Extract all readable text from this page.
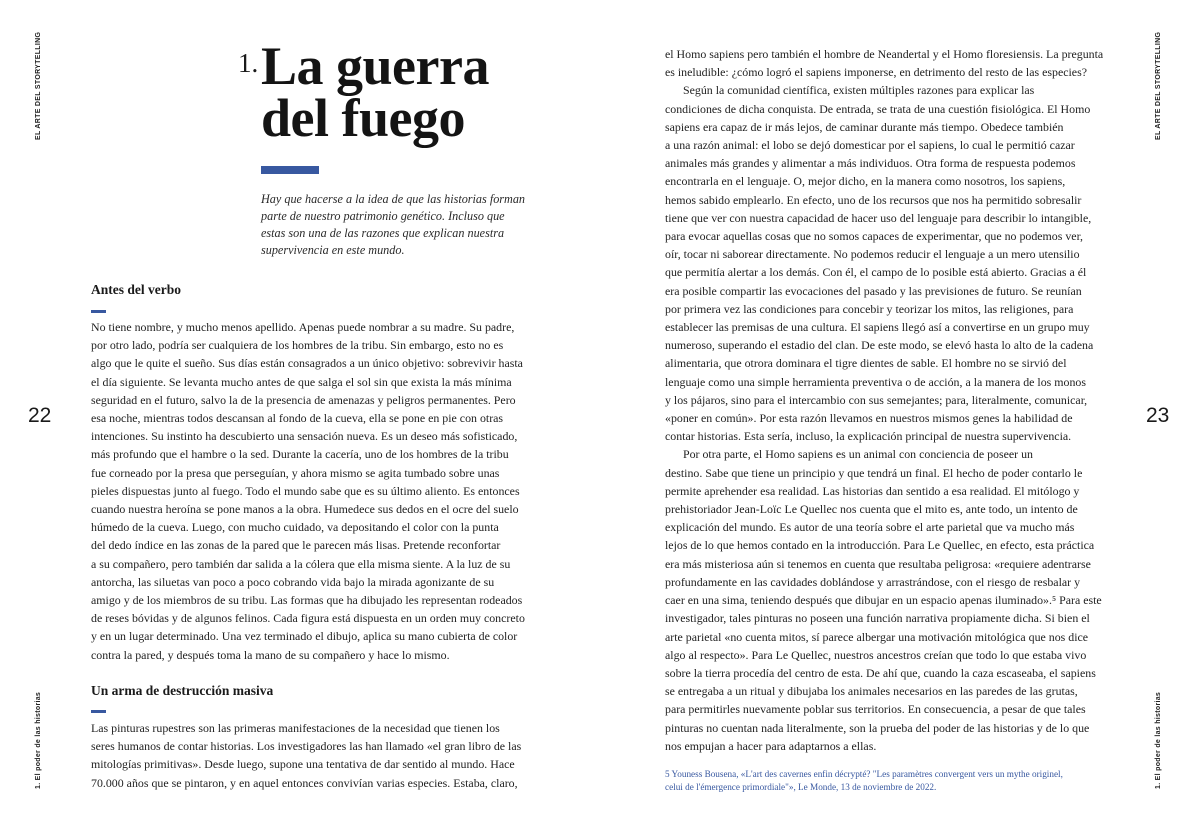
EL ARTE DEL STORYTELLING
1. El poder de las historias
EL ARTE DEL STORYTELLING
1. El poder de las historias
22	23
1. La guerra
del fuego

Hay que hacerse a la idea de que las historias forman
parte de nuestro patrimonio genético. Incluso que
estas son una de las razones que explican nuestra
supervivencia en este mundo.

Antes del verbo
No tiene nombre, y mucho menos apellido. Apenas puede nombrar a su madre. Su padre,
por otro lado, podría ser cualquiera de los hombres de la tribu. Sin embargo, esto no es
algo que le quite el sueño. Sus días están consagrados a un único objetivo: sobrevivir hasta
el día siguiente. Se levanta mucho antes de que salga el sol sin que exista la más mínima
seguridad en el futuro, salvo la de la presencia de amenazas y peligros permanentes. Pero
esa noche, mientras todos descansan al fondo de la cueva, ella se pone en pie con otras
intenciones. Su instinto ha descubierto una sensación nueva. Es un deseo más sofisticado,
más profundo que el hambre o la sed. Durante la cacería, uno de los hombres de la tribu
fue corneado por la presa que perseguían, y ahora mismo se agita tumbado sobre unas
pieles dispuestas junto al fuego. Todo el mundo sabe que es su último aliento. Es entonces
cuando nuestra heroína se pone manos a la obra. Humedece sus dedos en el ocre del suelo
húmedo de la cueva. Luego, con mucho cuidado, va depositando el color con la punta
del dedo índice en las zonas de la pared que le parecen más lisas. Pretende reconfortar
a su compañero, pero también dar salida a la cólera que ella misma siente. A la luz de su
antorcha, las siluetas van poco a poco cobrando vida bajo la mirada agonizante de su
amigo y de los miembros de su tribu. Las formas que ha dibujado les representan rodeados
de reses bóvidas y de algunos felinos. Cada figura está dispuesta en un orden muy concreto
y en un lugar determinado. Una vez terminado el dibujo, aplica su mano cubierta de color
contra la pared, y después toma la mano de su compañero y hace lo mismo.
Un arma de destrucción masiva
Las pinturas rupestres son las primeras manifestaciones de la necesidad que tienen los
seres humanos de contar historias. Los investigadores las han llamado «el gran libro de las
mitologías primitivas». Desde luego, supone una tentativa de dar sentido al mundo. Hace
70.000 años que se pintaron, y en aquel entonces convivían varias especies. Estaba, claro,
el Homo sapiens pero también el hombre de Neandertal y el Homo floresiensis. La pregunta
es ineludible: ¿cómo logró el sapiens imponerse, en detrimento del resto de las especies?
Según la comunidad científica, existen múltiples razones para explicar las
condiciones de dicha conquista. De entrada, se trata de una cuestión fisiológica. El Homo
sapiens era capaz de ir más lejos, de caminar durante más tiempo. Obedece también
a una razón animal: el lobo se dejó domesticar por el sapiens, lo cual le permitió cazar
animales más grandes y alimentar a más individuos. Otra forma de respuesta podemos
encontrarla en el lenguaje. O, mejor dicho, en la manera como nosotros, los sapiens,
hemos sabido emplearlo. En efecto, uno de los recursos que nos ha permitido sobresalir
tiene que ver con nuestra capacidad de hacer uso del lenguaje para describir lo intangible,
para evocar aquellas cosas que no somos capaces de experimentar, que no podemos ver,
oír, tocar ni saborear directamente. No podemos reducir el lenguaje a un mero utensilio
que permitía alertar a los demás. Con él, el campo de lo posible está abierto. Gracias a él
era posible compartir las evocaciones del pasado y las previsiones de futuro. Se reunían
por primera vez las condiciones para concebir y teorizar los mitos, las religiones, para
establecer las premisas de una cultura. El sapiens llegó así a convertirse en un grupo muy
numeroso, superando el estadio del clan. De este modo, se elevó hasta lo alto de la cadena
alimentaria, que otrora dominara el tigre dientes de sable. El hombre no se sirvió del
lenguaje como una simple herramienta preventiva o de acción, a la manera de los monos
y los pájaros, sino para el intercambio con sus semejantes; para, literalmente, comunicar,
«poner en común». Por esta razón llevamos en nuestros mismos genes la habilidad de
contar historias. Esta sería, incluso, la explicación principal de nuestra supervivencia.
Por otra parte, el Homo sapiens es un animal con conciencia de poseer un
destino. Sabe que tiene un principio y que tendrá un final. El hecho de poder contarlo le
permite aprehender esa realidad. Las historias dan sentido a esa realidad. El mitólogo y
prehistoriador Jean-Loïc Le Quellec nos cuenta que el mito es, ante todo, un intento de
explicación del mundo. Es autor de una teoría sobre el arte parietal que va mucho más
lejos de lo que hemos contado en la introducción. Para Le Quellec, en efecto, esta práctica
era más misteriosa aún si tenemos en cuenta que resultaba peligrosa: «requiere adentrarse
profundamente en las cavidades doblándose y arrastrándose, con el riesgo de resbalar y
caer en una sima, teniendo después que dibujar en un espacio apenas iluminado».⁵ Para este
investigador, tales pinturas no poseen una función narrativa propiamente dicha. Si bien el
arte parietal «no cuenta mitos, sí parece albergar una motivación mitológica que nos dice
algo al respecto». Para Le Quellec, nuestros ancestros creían que todo lo que estaba vivo
sobre la tierra procedía del centro de esta. De ahí que, cuando la caza escaseaba, el sapiens
se entregaba a un ritual y dibujaba los animales necesarios en las paredes de las grutas,
para permitirles nuevamente poblar sus territorios. En consecuencia, a pesar de que tales
pinturas no cuentan nada literalmente, son la prueba del poder de las historias y de lo que
nos empujan a hacer para adaptarnos a ellas.

5 Youness Bousena, «L'art des cavernes enfin décrypté? "Les paramètres convergent vers un mythe originel,
celui de l'émergence primordiale"», Le Monde, 13 de noviembre de 2022.
